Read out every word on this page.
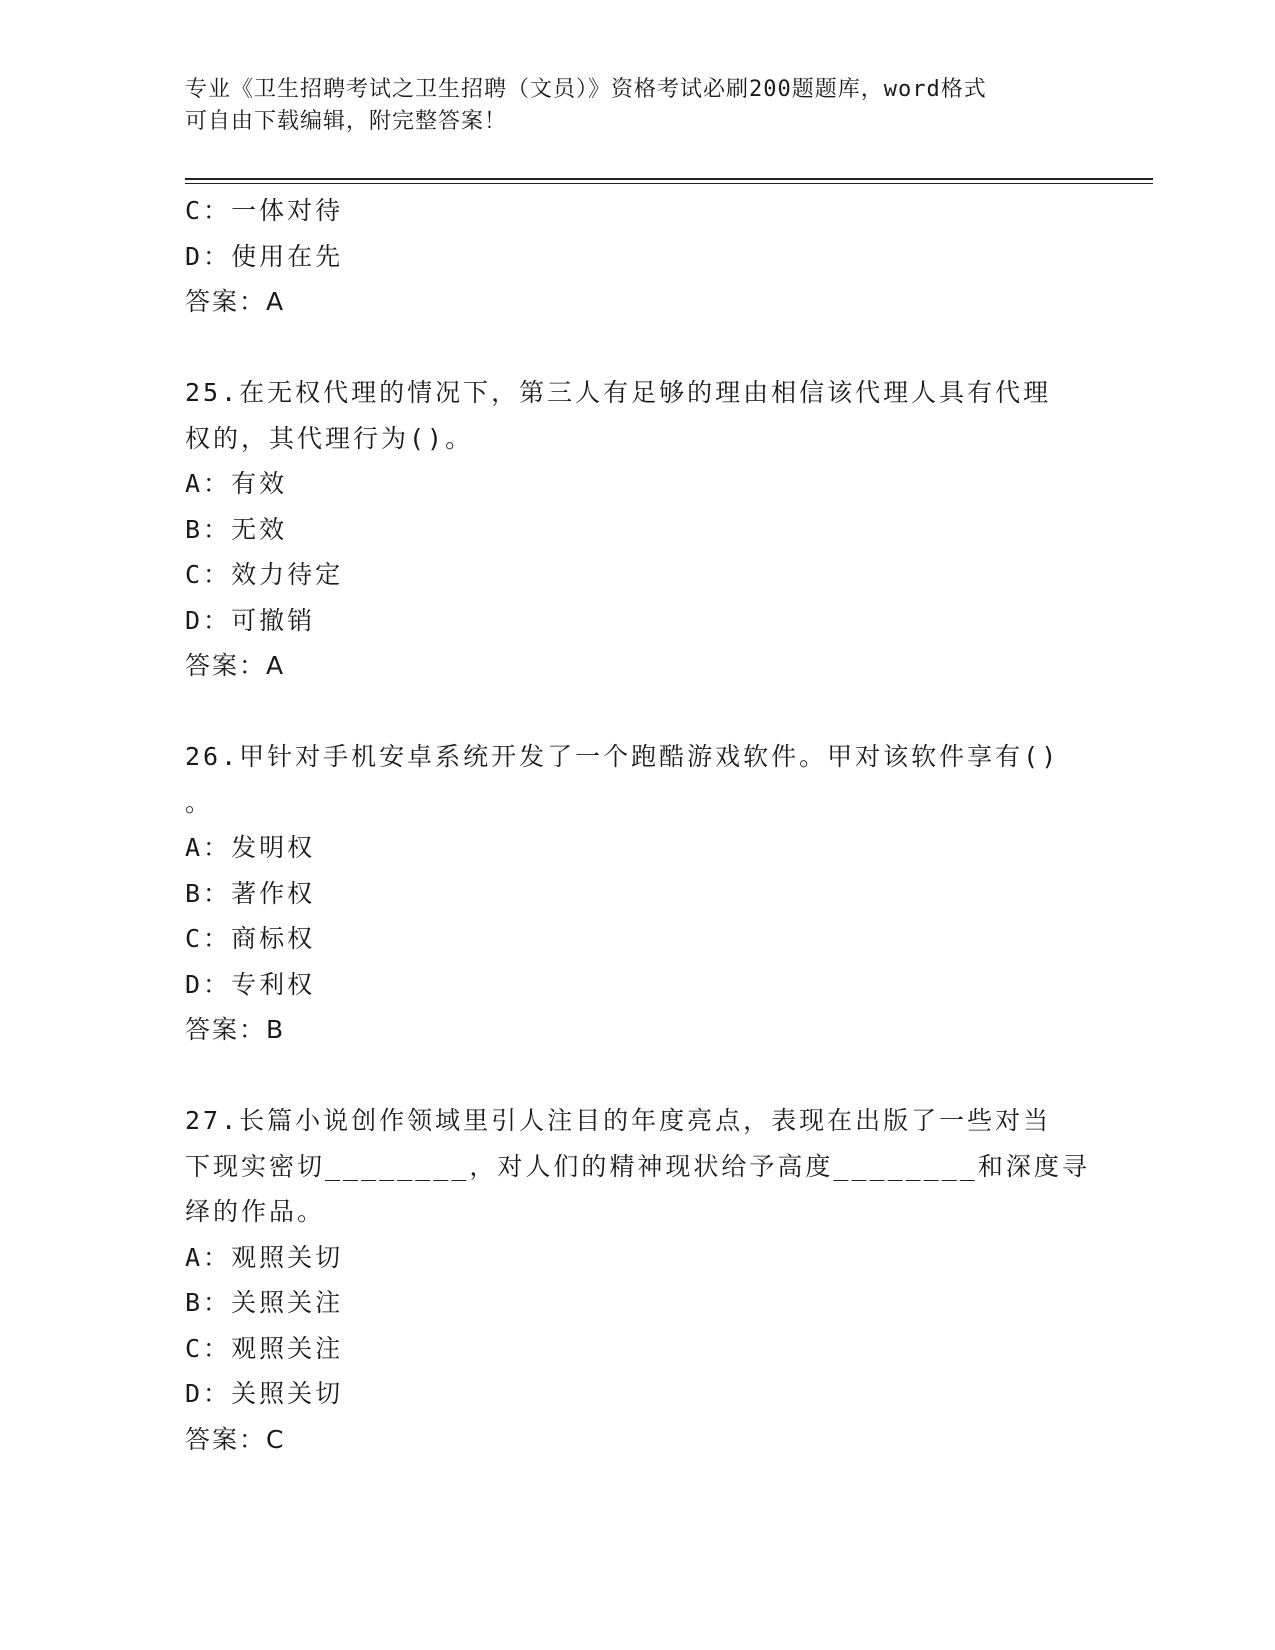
专业《卫生招聘考试之卫生招聘（文员）》资格考试必刷200题题库，word格式
可自由下载编辑，附完整答案！
C：一体对待
D：使用在先
答案：A
25.在无权代理的情况下，第三人有足够的理由相信该代理人具有代理
权的，其代理行为()。
A：有效
B：无效
C：效力待定
D：可撤销
答案：A
26.甲针对手机安卓系统开发了一个跑酷游戏软件。甲对该软件享有()
。
A：发明权
B：著作权
C：商标权
D：专利权
答案：B
27.长篇小说创作领域里引人注目的年度亮点，表现在出版了一些对当
下现实密切________，对人们的精神现状给予高度________和深度寻
绎的作品。
A：观照关切
B：关照关注
C：观照关注
D：关照关切
答案：C
